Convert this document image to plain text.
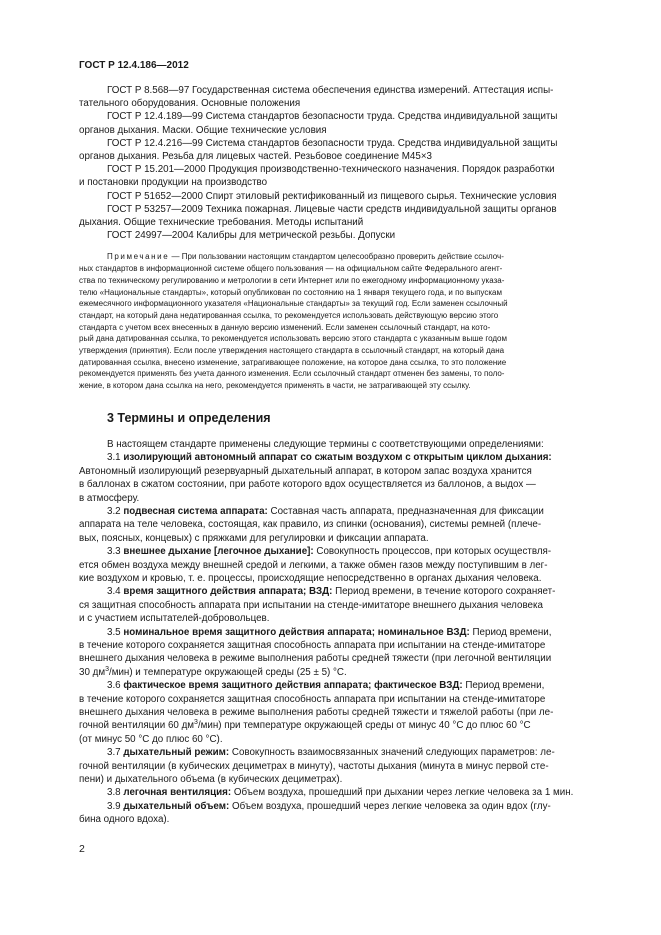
ГОСТ Р 12.4.186—2012
ГОСТ Р 8.568—97 Государственная система обеспечения единства измерений. Аттестация испы-
тательного оборудования. Основные положения
ГОСТ Р 12.4.189—99 Система стандартов безопасности труда. Средства индивидуальной защиты
органов дыхания. Маски. Общие технические условия
ГОСТ Р 12.4.216—99 Система стандартов безопасности труда. Средства индивидуальной защиты
органов дыхания. Резьба для лицевых частей. Резьбовое соединение М45×3
ГОСТ Р 15.201—2000 Продукция производственно-технического назначения. Порядок разработки
и постановки продукции на производство
ГОСТ Р 51652—2000 Спирт этиловый ректификованный из пищевого сырья. Технические условия
ГОСТ Р 53257—2009 Техника пожарная. Лицевые части средств индивидуальной защиты органов
дыхания. Общие технические требования. Методы испытаний
ГОСТ 24997—2004 Калибры для метрической резьбы. Допуски
Примечание — При пользовании настоящим стандартом целесообразно проверить действие ссылоч-
ных стандартов в информационной системе общего пользования — на официальном сайте Федерального агент-
ства по техническому регулированию и метрологии в сети Интернет или по ежегодному информационному указа-
телю «Национальные стандарты», который опубликован по состоянию на 1 января текущего года, и по выпускам
ежемесячного информационного указателя «Национальные стандарты» за текущий год. Если заменен ссылочный
стандарт, на который дана недатированная ссылка, то рекомендуется использовать действующую версию этого
стандарта с учетом всех внесенных в данную версию изменений. Если заменен ссылочный стандарт, на кото-
рый дана датированная ссылка, то рекомендуется использовать версию этого стандарта с указанным выше годом
утверждения (принятия). Если после утверждения настоящего стандарта в ссылочный стандарт, на который дана
датированная ссылка, внесено изменение, затрагивающее положение, на которое дана ссылка, то это положение
рекомендуется применять без учета данного изменения. Если ссылочный стандарт отменен без замены, то поло-
жение, в котором дана ссылка на него, рекомендуется применять в части, не затрагивающей эту ссылку.
3 Термины и определения
В настоящем стандарте применены следующие термины с соответствующими определениями:
3.1 изолирующий автономный аппарат со сжатым воздухом с открытым циклом дыхания:
Автономный изолирующий резервуарный дыхательный аппарат, в котором запас воздуха хранится
в баллонах в сжатом состоянии, при работе которого вдох осуществляется из баллонов, а выдох —
в атмосферу.
3.2 подвесная система аппарата: Составная часть аппарата, предназначенная для фиксации
аппарата на теле человека, состоящая, как правило, из спинки (основания), системы ремней (плече-
вых, поясных, концевых) с пряжками для регулировки и фиксации аппарата.
3.3 внешнее дыхание [легочное дыхание]: Совокупность процессов, при которых осуществля-
ется обмен воздуха между внешней средой и легкими, а также обмен газов между поступившим в лег-
кие воздухом и кровью, т. е. процессы, происходящие непосредственно в органах дыхания человека.
3.4 время защитного действия аппарата; ВЗД: Период времени, в течение которого сохраняет-
ся защитная способность аппарата при испытании на стенде-имитаторе внешнего дыхания человека
и с участием испытателей-добровольцев.
3.5 номинальное время защитного действия аппарата; номинальное ВЗД: Период времени,
в течение которого сохраняется защитная способность аппарата при испытании на стенде-имитаторе
внешнего дыхания человека в режиме выполнения работы средней тяжести (при легочной вентиляции
30 $дм^3/мин$) и температуре окружающей среды (25 ± 5) °С.
3.6 фактическое время защитного действия аппарата; фактическое ВЗД: Период времени,
в течение которого сохраняется защитная способность аппарата при испытании на стенде-имитаторе
внешнего дыхания человека в режиме выполнения работы средней тяжести и тяжелой работы (при ле-
гочной вентиляции 60 $дм^3/мин$) при температуре окружающей среды от минус 40 °С до плюс 60 °С
(от минус 50 °С до плюс 60 °С).
3.7 дыхательный режим: Совокупность взаимосвязанных значений следующих параметров: ле-
гочной вентиляции (в кубических дециметрах в минуту), частоты дыхания (минута в минус первой сте-
пени) и дыхательного объема (в кубических дециметрах).
3.8 легочная вентиляция: Объем воздуха, прошедший при дыхании через легкие человека за 1 мин.
3.9 дыхательный объем: Объем воздуха, прошедший через легкие человека за один вдох (глу-
бина одного вдоха).
2
